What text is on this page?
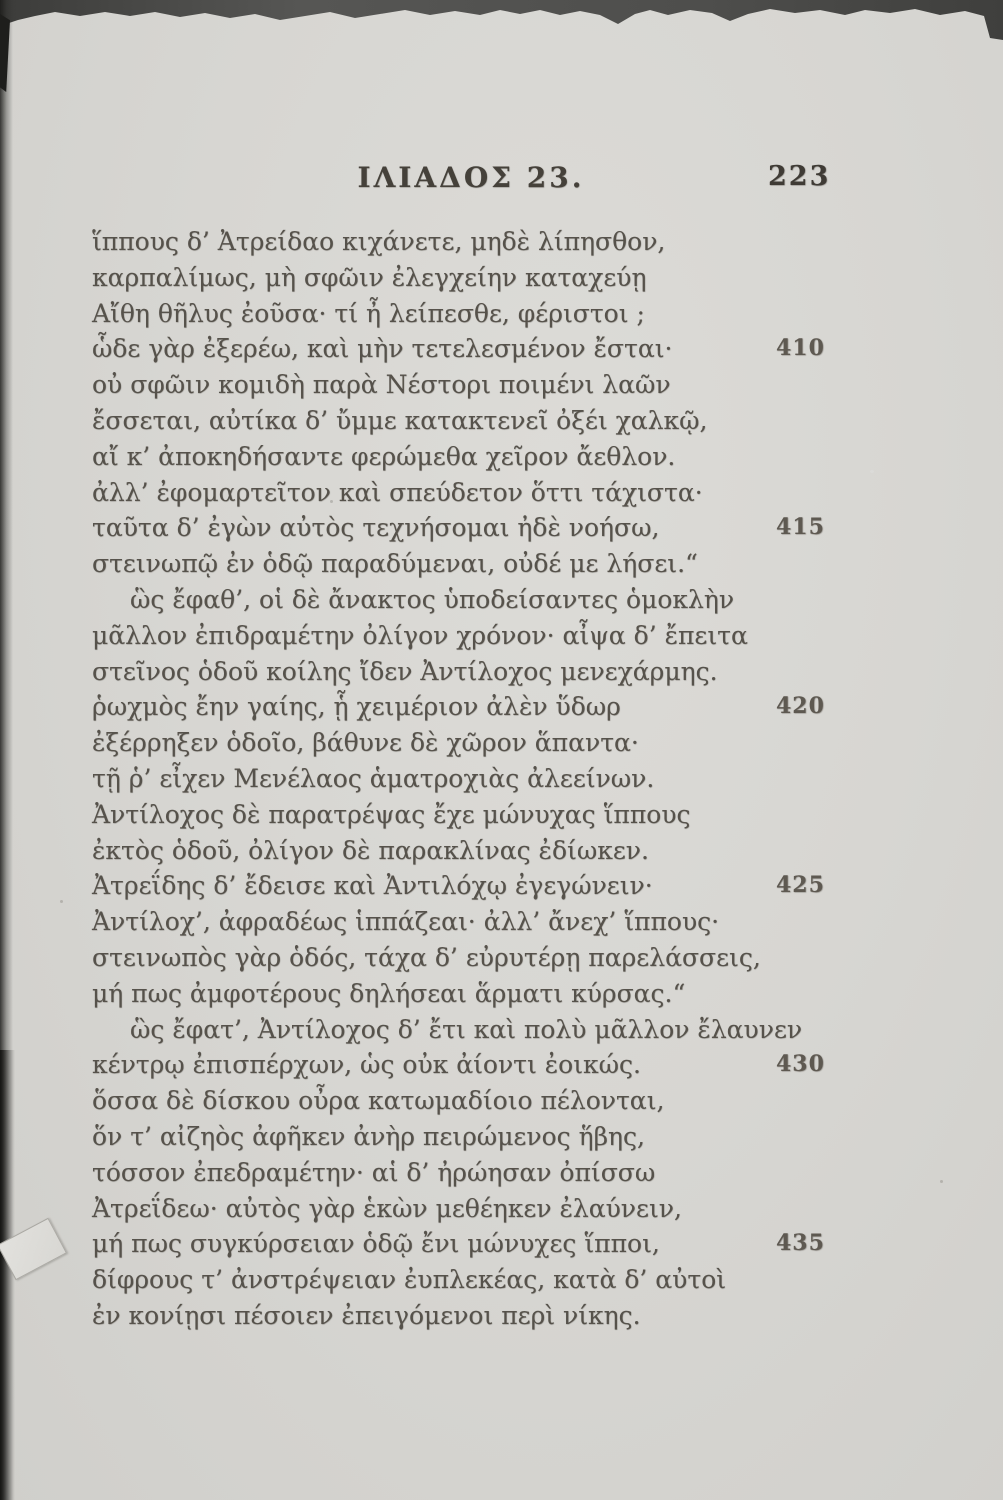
ΙΛΙΑΔΟΣ 23.	223
ἵππους δ’ Ἀτρείδαο κιχάνετε, μηδὲ λίπησθον,
καρπαλίμως, μὴ σφῶιν ἐλεγχείην καταχεύῃ
Αἴθη θῆλυς ἐοῦσα· τί ἦ λείπεσθε, φέριστοι ;
ὧδε γὰρ ἐξερέω, καὶ μὴν τετελεσμένον ἔσται·	410
οὐ σφῶιν κομιδὴ παρὰ Νέστορι ποιμένι λαῶν
ἔσσεται, αὐτίκα δ’ ὔμμε κατακτενεῖ ὀξέι χαλκῷ,
αἴ κ’ ἀποκηδήσαντε φερώμεθα χεῖρον ἄεθλον.
ἀλλ’ ἐφομαρτεῖτον καὶ σπεύδετον ὅττι τάχιστα·
ταῦτα δ’ ἐγὼν αὐτὸς τεχνήσομαι ἠδὲ νοήσω,	415
στεινωπῷ ἐν ὁδῷ παραδύμεναι, οὐδέ με λήσει.“
ὣς ἔφαθ’, οἱ δὲ ἄνακτος ὑποδείσαντες ὁμοκλὴν
μᾶλλον ἐπιδραμέτην ὀλίγον χρόνον· αἶψα δ’ ἔπειτα
στεῖνος ὁδοῦ κοίλης ἴδεν Ἀντίλοχος μενεχάρμης.
ῥωχμὸς ἔην γαίης, ᾗ χειμέριον ἀλὲν ὕδωρ	420
ἐξέρρηξεν ὁδοῖο, βάθυνε δὲ χῶρον ἅπαντα·
τῇ ῥ’ εἶχεν Μενέλαος ἁματροχιὰς ἀλεείνων.
Ἀντίλοχος δὲ παρατρέψας ἔχε μώνυχας ἵππους
ἐκτὸς ὁδοῦ, ὀλίγον δὲ παρακλίνας ἐδίωκεν.
Ἀτρεΐδης δ’ ἔδεισε καὶ Ἀντιλόχῳ ἐγεγώνειν·	425
Ἀντίλοχ’, ἀφραδέως ἱππάζεαι· ἀλλ’ ἄνεχ’ ἵππους·
στεινωπὸς γὰρ ὁδός, τάχα δ’ εὐρυτέρῃ παρελάσσεις,
μή πως ἀμφοτέρους δηλήσεαι ἅρματι κύρσας.“
ὣς ἔφατ’, Ἀντίλοχος δ’ ἔτι καὶ πολὺ μᾶλλον ἔλαυνεν
κέντρῳ ἐπισπέρχων, ὡς οὐκ ἀίοντι ἐοικώς.	430
ὅσσα δὲ δίσκου οὖρα κατωμαδίοιο πέλονται,
ὅν τ’ αἰζηὸς ἀφῆκεν ἀνὴρ πειρώμενος ἥβης,
τόσσον ἐπεδραμέτην· αἱ δ’ ἠρώησαν ὀπίσσω
Ἀτρεΐδεω· αὐτὸς γὰρ ἑκὼν μεθέηκεν ἐλαύνειν,
μή πως συγκύρσειαν ὁδῷ ἔνι μώνυχες ἵπποι,	435
δίφρους τ’ ἀνστρέψειαν ἐυπλεκέας, κατὰ δ’ αὐτοὶ
ἐν κονίῃσι πέσοιεν ἐπειγόμενοι περὶ νίκης.
